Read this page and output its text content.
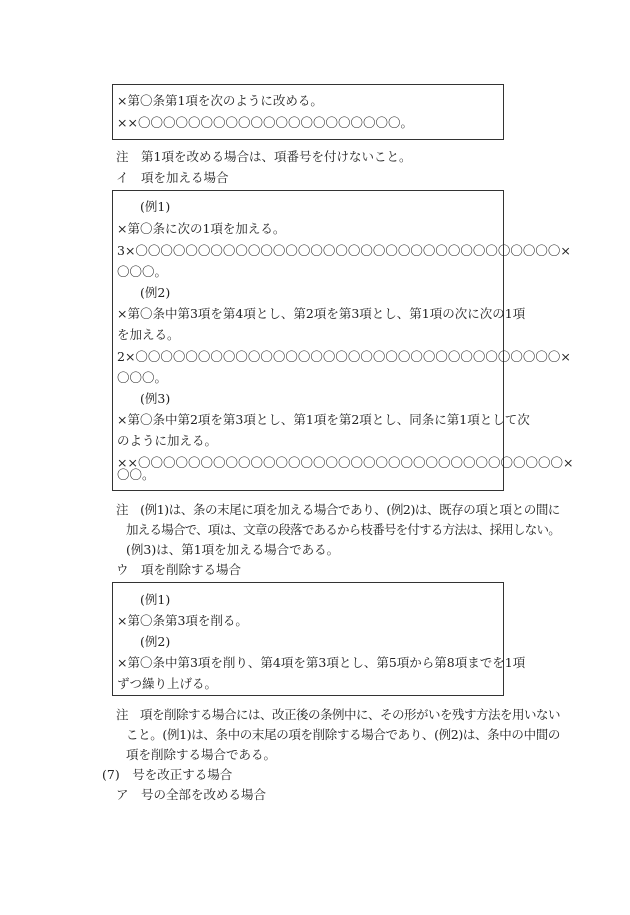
×第〇条第1項を次のように改める。
××〇〇〇〇〇〇〇〇〇〇〇〇〇〇〇〇〇〇〇〇〇。
注　第1項を改める場合は、項番号を付けないこと。
イ　項を加える場合
(例1)
×第〇条に次の1項を加える。
3×〇〇〇〇〇〇〇〇〇〇〇〇〇〇〇〇〇〇〇〇〇〇〇〇〇〇〇〇〇〇〇〇〇〇×
〇〇〇。
(例2)
×第〇条中第3項を第4項とし、第2項を第3項とし、第1項の次に次の1項
を加える。
2×〇〇〇〇〇〇〇〇〇〇〇〇〇〇〇〇〇〇〇〇〇〇〇〇〇〇〇〇〇〇〇〇〇〇×
〇〇〇。
(例3)
×第〇条中第2項を第3項とし、第1項を第2項とし、同条に第1項として次
のように加える。
××〇〇〇〇〇〇〇〇〇〇〇〇〇〇〇〇〇〇〇〇〇〇〇〇〇〇〇〇〇〇〇〇〇〇×
〇〇。
注　(例1)は、条の末尾に項を加える場合であり、(例2)は、既存の項と項との間に
加える場合で、項は、文章の段落であるから枝番号を付する方法は、採用しない。
(例3)は、第1項を加える場合である。
ウ　項を削除する場合
(例1)
×第〇条第3項を削る。
(例2)
×第〇条中第3項を削り、第4項を第3項とし、第5項から第8項までを1項
ずつ繰り上げる。
注　項を削除する場合には、改正後の条例中に、その形がいを残す方法を用いない
こと。(例1)は、条中の末尾の項を削除する場合であり、(例2)は、条中の中間の
項を削除する場合である。
(7)　号を改正する場合
ア　号の全部を改める場合
